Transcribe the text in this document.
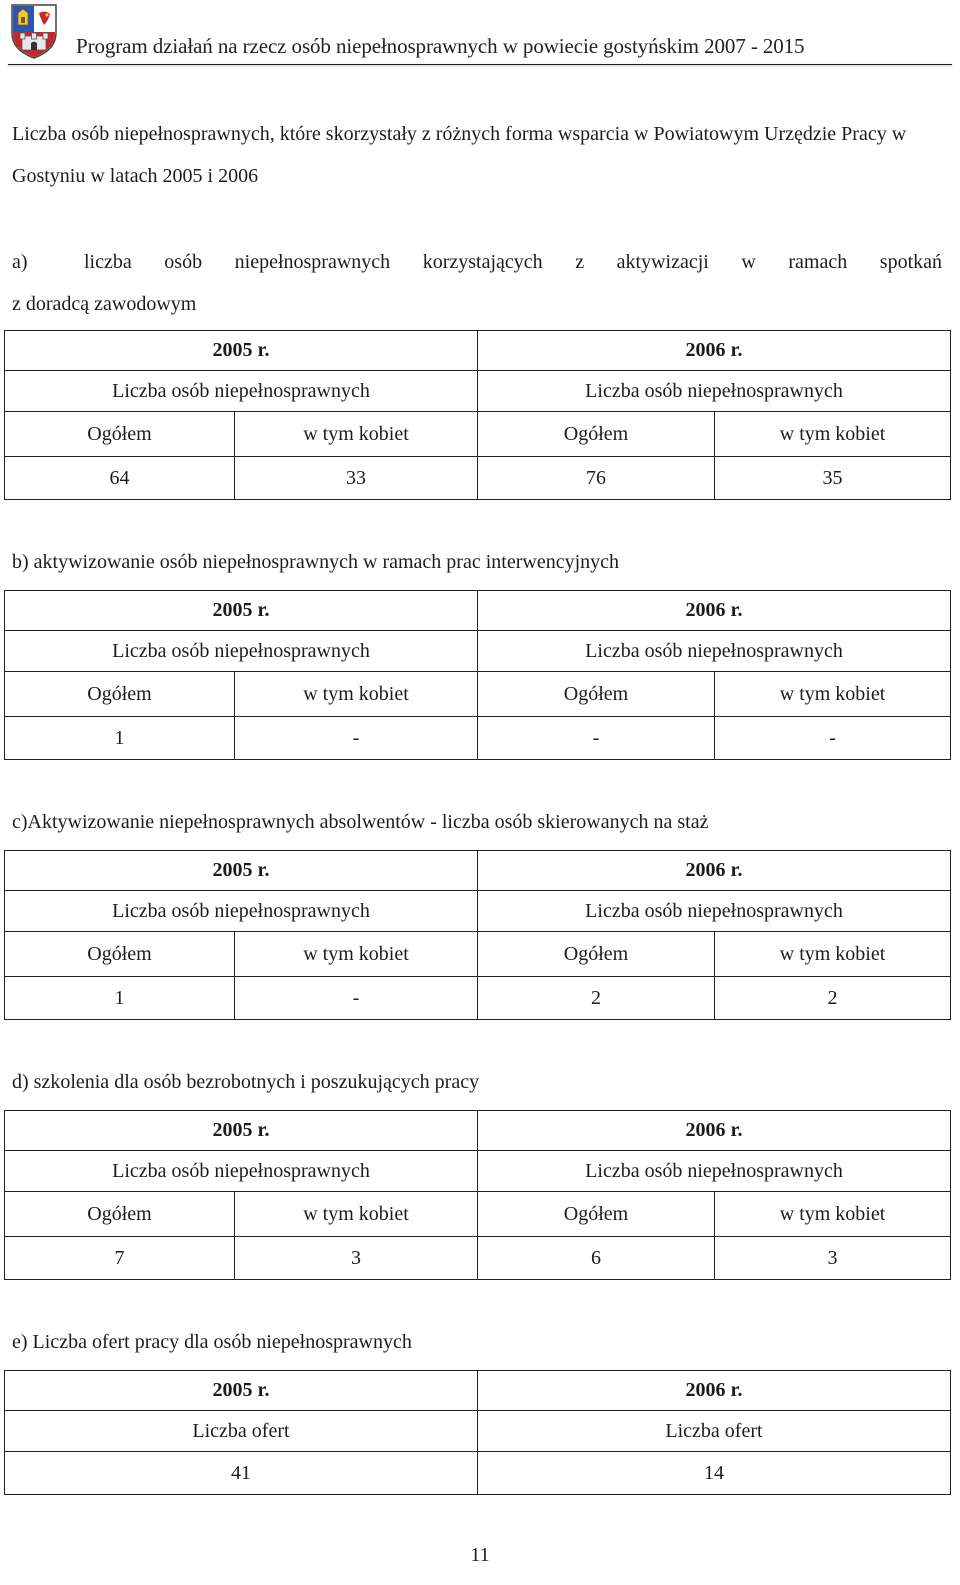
Program działań na rzecz osób niepełnosprawnych w powiecie gostyńskim 2007 - 2015
Liczba osób niepełnosprawnych, które skorzystały z różnych forma wsparcia w Powiatowym Urzędzie Pracy w Gostyniu w latach 2005 i 2006
a)	liczba osób niepełnosprawnych korzystających z aktywizacji w ramach spotkań
z doradcą zawodowym
2005 r.		2006 r.	
Liczba osób niepełnosprawnych		Liczba osób niepełnosprawnych	
Ogółem	w tym kobiet	Ogółem	w tym kobiet
64	33	76	35
b) aktywizowanie osób niepełnosprawnych w ramach prac interwencyjnych
2005 r.		2006 r.	
Liczba osób niepełnosprawnych		Liczba osób niepełnosprawnych	
Ogółem	w tym kobiet	Ogółem	w tym kobiet
1	-	-	-
c)Aktywizowanie niepełnosprawnych absolwentów - liczba osób skierowanych na staż
2005 r.		2006 r.	
Liczba osób niepełnosprawnych		Liczba osób niepełnosprawnych	
Ogółem	w tym kobiet	Ogółem	w tym kobiet
1	-	2	2
d) szkolenia dla osób bezrobotnych i poszukujących pracy
2005 r.		2006 r.	
Liczba osób niepełnosprawnych		Liczba osób niepełnosprawnych	
Ogółem	w tym kobiet	Ogółem	w tym kobiet
7	3	6	3
e) Liczba ofert pracy dla osób niepełnosprawnych
2005 r.	2006 r.
Liczba ofert	Liczba ofert
41	14
11
